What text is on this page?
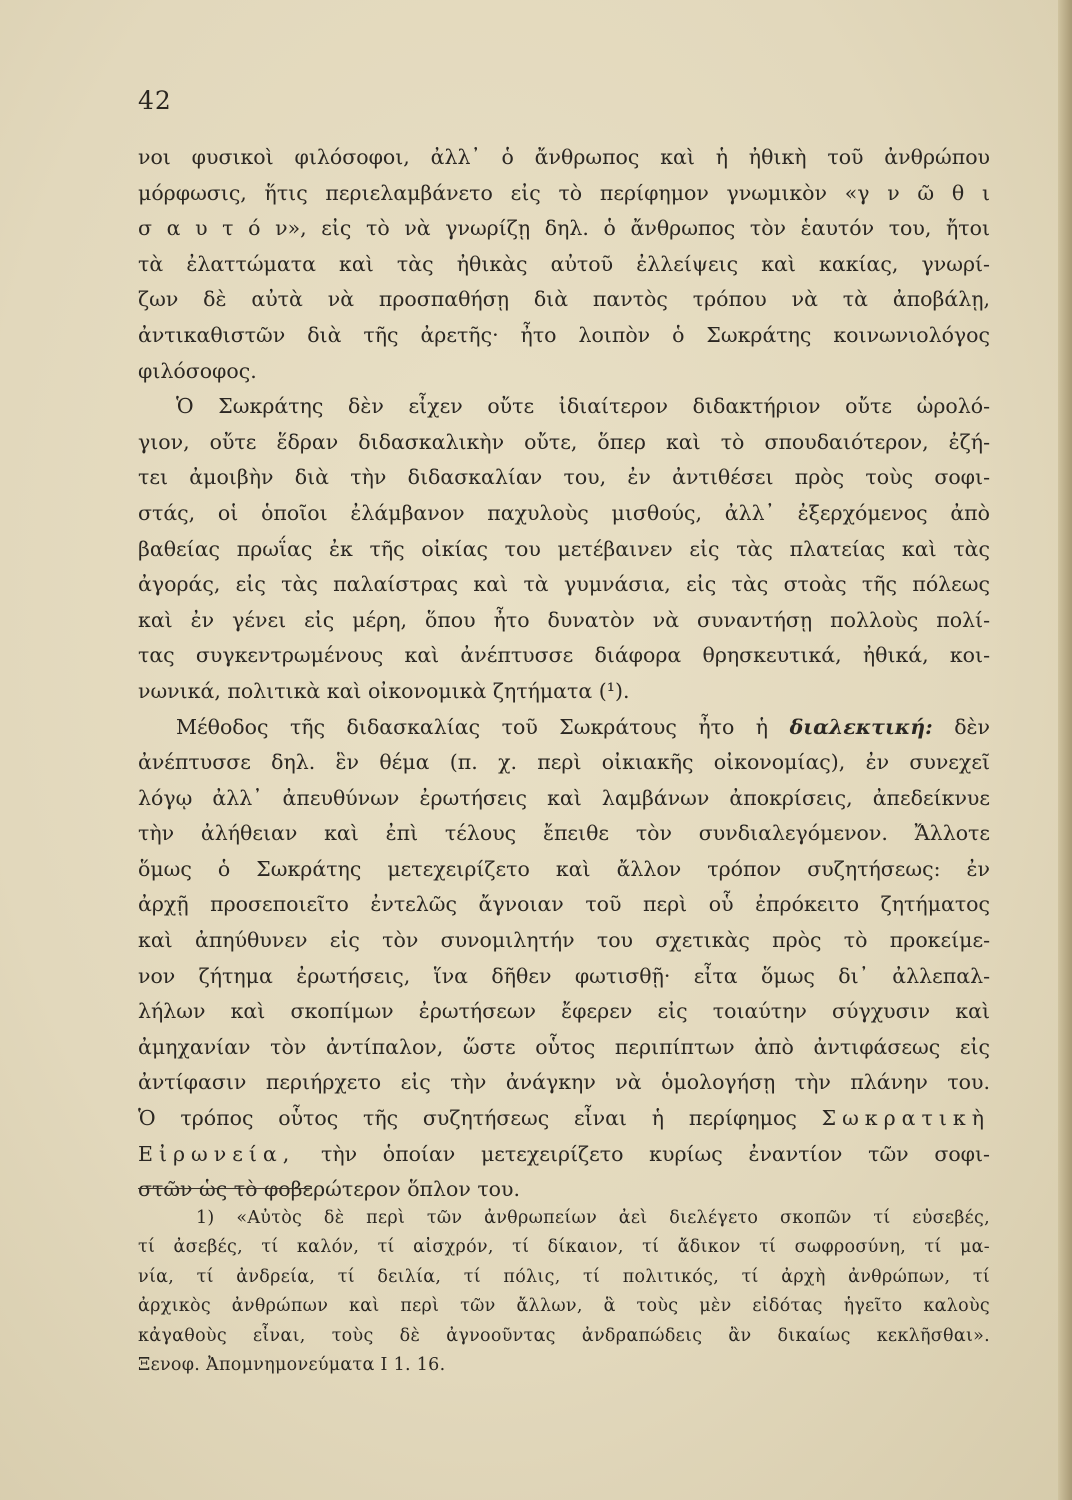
42
νοι φυσικοὶ φιλόσοφοι, ἀλλ᾽ ὁ ἄνθρωπος καὶ ἡ ἠθικὴ τοῦ ἀνθρώπου
μόρφωσις, ἥτις περιελαμβάνετο εἰς τὸ περίφημον γνωμικὸν «γ ν ῶ θ ι
σ α υ τ ό ν», εἰς τὸ νὰ γνωρίζῃ δηλ. ὁ ἄνθρωπος τὸν ἑαυτόν του, ἤτοι
τὰ ἐλαττώματα καὶ τὰς ἠθικὰς αὐτοῦ ἐλλείψεις καὶ κακίας, γνωρί-
ζων δὲ αὐτὰ νὰ προσπαθήσῃ διὰ παντὸς τρόπου νὰ τὰ ἀποβάλῃ,
ἀντικαθιστῶν διὰ τῆς ἀρετῆς· ἦτο λοιπὸν ὁ Σωκράτης κοινωνιολόγος
φιλόσοφος.
Ὁ Σωκράτης δὲν εἶχεν οὔτε ἰδιαίτερον διδακτήριον οὔτε ὡρολό-
γιον, οὔτε ἕδραν διδασκαλικὴν οὔτε, ὅπερ καὶ τὸ σπουδαιότερον, ἐζή-
τει ἀμοιβὴν διὰ τὴν διδασκαλίαν του, ἐν ἀντιθέσει πρὸς τοὺς σοφι-
στάς, οἱ ὁποῖοι ἐλάμβανον παχυλοὺς μισθούς, ἀλλ᾽ ἐξερχόμενος ἀπὸ
βαθείας πρωΐας ἐκ τῆς οἰκίας του μετέβαινεν εἰς τὰς πλατείας καὶ τὰς
ἀγοράς, εἰς τὰς παλαίστρας καὶ τὰ γυμνάσια, εἰς τὰς στοὰς τῆς πόλεως
καὶ ἐν γένει εἰς μέρη, ὅπου ἦτο δυνατὸν νὰ συναντήσῃ πολλοὺς πολί-
τας συγκεντρωμένους καὶ ἀνέπτυσσε διάφορα θρησκευτικά, ἠθικά, κοι-
νωνικά, πολιτικὰ καὶ οἰκονομικὰ ζητήματα (¹).
Μέθοδος τῆς διδασκαλίας τοῦ Σωκράτους ἦτο ἡ διαλεκτική: δὲν
ἀνέπτυσσε δηλ. ἓν θέμα (π. χ. περὶ οἰκιακῆς οἰκονομίας), ἐν συνεχεῖ
λόγῳ ἀλλ᾽ ἀπευθύνων ἐρωτήσεις καὶ λαμβάνων ἀποκρίσεις, ἀπεδείκνυε
τὴν ἀλήθειαν καὶ ἐπὶ τέλους ἔπειθε τὸν συνδιαλεγόμενον. Ἄλλοτε
ὅμως ὁ Σωκράτης μετεχειρίζετο καὶ ἄλλον τρόπον συζητήσεως: ἐν
ἀρχῇ προσεποιεῖτο ἐντελῶς ἄγνοιαν τοῦ περὶ οὗ ἐπρόκειτο ζητήματος
καὶ ἀπηύθυνεν εἰς τὸν συνομιλητήν του σχετικὰς πρὸς τὸ προκείμε-
νον ζήτημα ἐρωτήσεις, ἵνα δῆθεν φωτισθῇ· εἶτα ὅμως δι᾽ ἀλλεπαλ-
λήλων καὶ σκοπίμων ἐρωτήσεων ἔφερεν εἰς τοιαύτην σύγχυσιν καὶ
ἀμηχανίαν τὸν ἀντίπαλον, ὥστε οὗτος περιπίπτων ἀπὸ ἀντιφάσεως εἰς
ἀντίφασιν περιήρχετο εἰς τὴν ἀνάγκην νὰ ὁμολογήσῃ τὴν πλάνην του.
Ὁ τρόπος οὗτος τῆς συζητήσεως εἶναι ἡ περίφημος Σωκρατικὴ
Εἰρωνεία, τὴν ὁποίαν μετεχειρίζετο κυρίως ἐναντίον τῶν σοφι-
στῶν ὡς τὸ φοβερώτερον ὅπλον του.
1) «Αὐτὸς δὲ περὶ τῶν ἀνθρωπείων ἀεὶ διελέγετο σκοπῶν τί εὐσεβές,
τί ἀσεβές, τί καλόν, τί αἰσχρόν, τί δίκαιον, τί ἄδικον τί σωφροσύνη, τί μα-
νία, τί ἀνδρεία, τί δειλία, τί πόλις, τί πολιτικός, τί ἀρχὴ ἀνθρώπων, τί
ἀρχικὸς ἀνθρώπων καὶ περὶ τῶν ἄλλων, ἃ τοὺς μὲν εἰδότας ἡγεῖτο καλοὺς
κἀγαθοὺς εἶναι, τοὺς δὲ ἀγνοοῦντας ἀνδραπώδεις ἂν δικαίως κεκλῆσθαι».
Ξενοφ. Ἀπομνημονεύματα Ι 1. 16.
